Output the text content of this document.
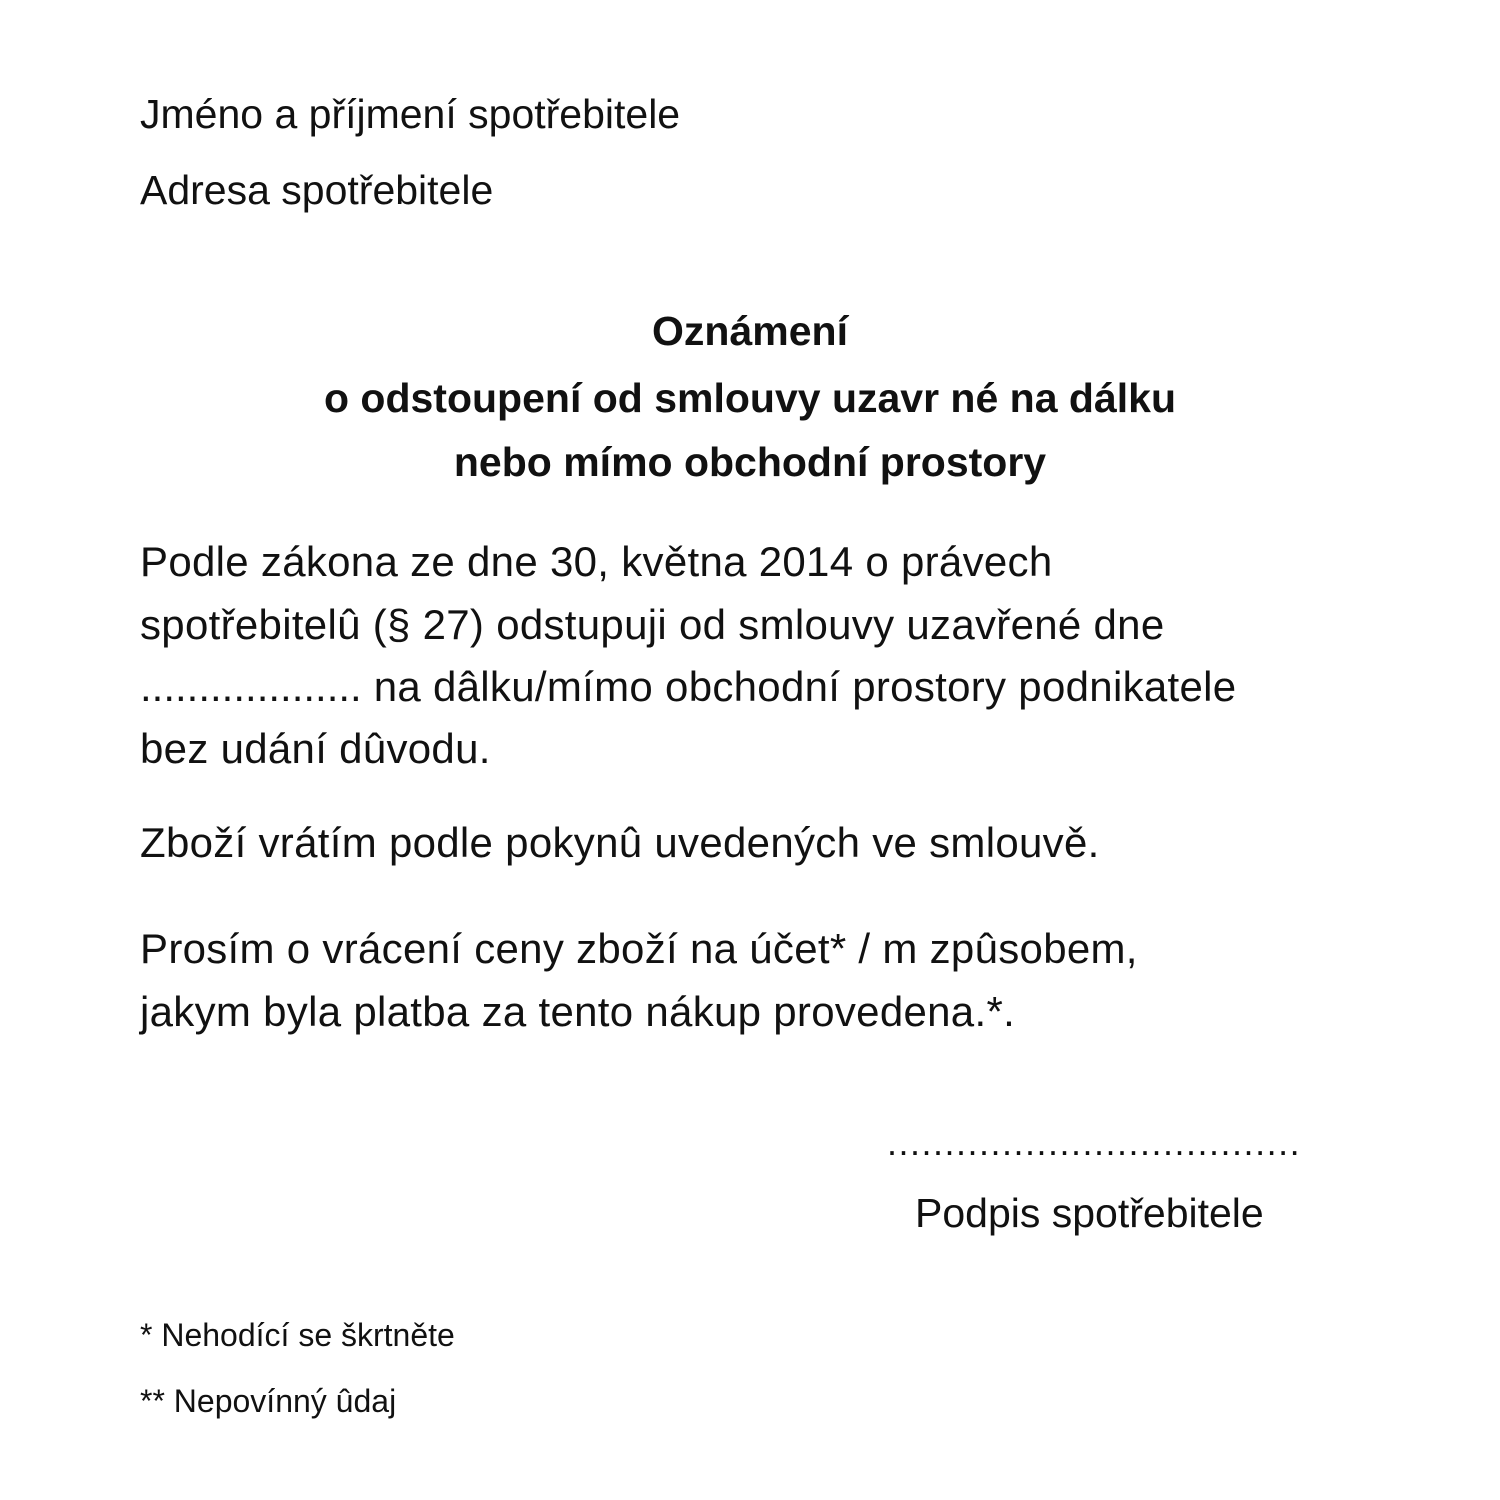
Jméno a příjmení spotřebitele
Adresa spotřebitele
Oznámení
o odstoupení od smlouvy uzavr né na dálku
nebo mímo obchodní prostory
Podle zákona ze dne 30, května 2014 o právech
spotřebitelû (§ 27) odstupuji od smlouvy uzavřené dne
................... na dâlku/mímo obchodní prostory podnikatele
bez udání dûvodu.
Zboží vrátím podle pokynû uvedených ve smlouvě.
Prosím o vrácení ceny zboží na účet* / m zpûsobem,
jakym byla platba za tento nákup provedena.*.
....................................
Podpis spotřebitele
* Nehodící se škrtněte
** Nepovínný ûdaj
